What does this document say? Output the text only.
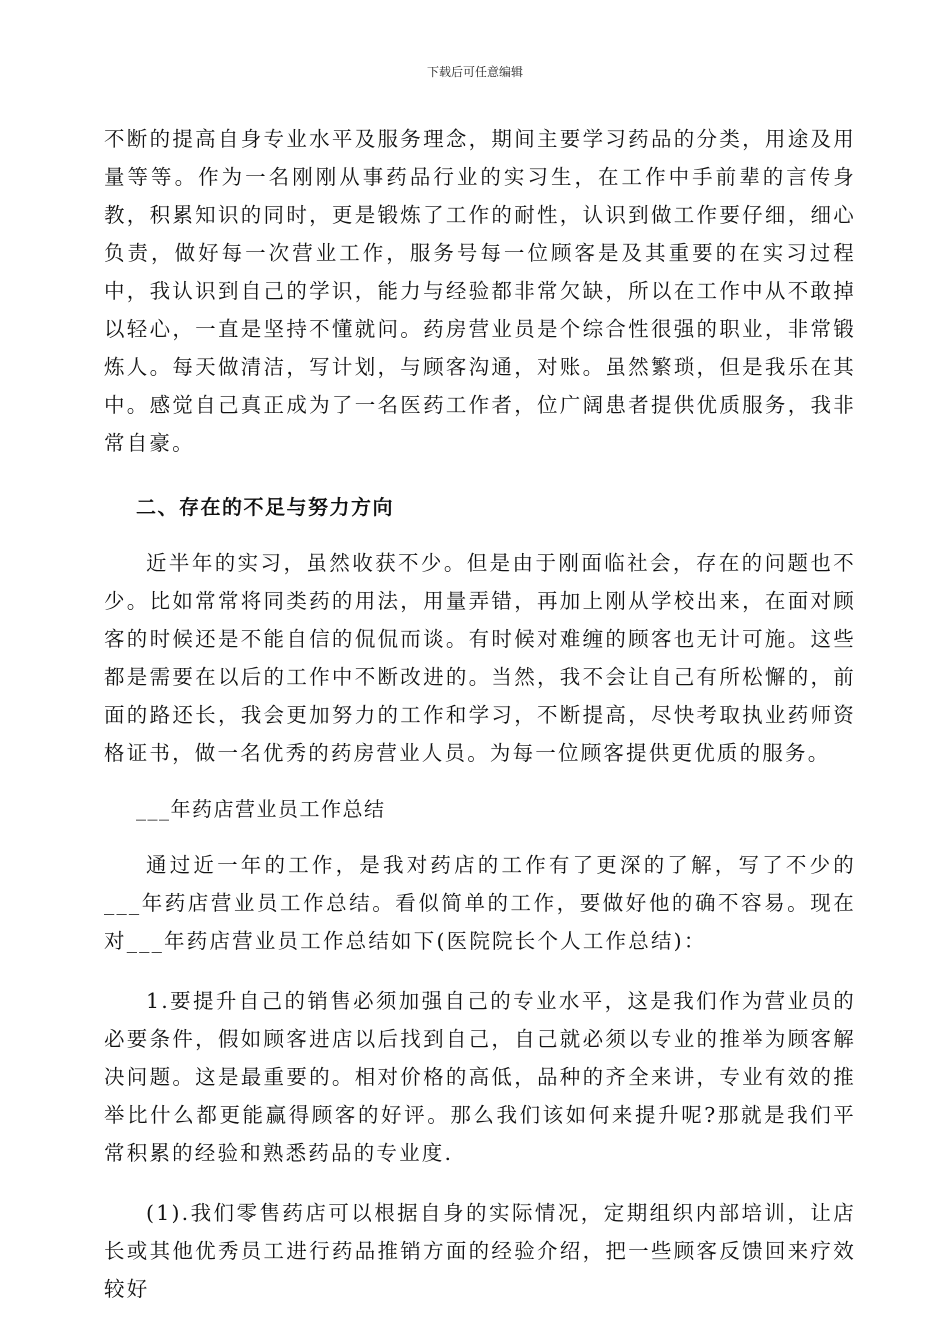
下载后可任意编辑

不断的提高自身专业水平及服务理念，期间主要学习药品的分类，用途及用量等等。作为一名刚刚从事药品行业的实习生，在工作中手前辈的言传身教，积累知识的同时，更是锻炼了工作的耐性，认识到做工作要仔细，细心负责，做好每一次营业工作，服务号每一位顾客是及其重要的在实习过程中，我认识到自己的学识，能力与经验都非常欠缺，所以在工作中从不敢掉以轻心，一直是坚持不懂就问。药房营业员是个综合性很强的职业，非常锻炼人。每天做清洁，写计划，与顾客沟通，对账。虽然繁琐，但是我乐在其中。感觉自己真正成为了一名医药工作者，位广阔患者提供优质服务，我非常自豪。

二、存在的不足与努力方向

近半年的实习，虽然收获不少。但是由于刚面临社会，存在的问题也不少。比如常常将同类药的用法，用量弄错，再加上刚从学校出来，在面对顾客的时候还是不能自信的侃侃而谈。有时候对难缠的顾客也无计可施。这些都是需要在以后的工作中不断改进的。当然，我不会让自己有所松懈的，前面的路还长，我会更加努力的工作和学习，不断提高，尽快考取执业药师资格证书，做一名优秀的药房营业人员。为每一位顾客提供更优质的服务。

___年药店营业员工作总结

通过近一年的工作，是我对药店的工作有了更深的了解，写了不少的___年药店营业员工作总结。看似简单的工作，要做好他的确不容易。现在对___年药店营业员工作总结如下(医院院长个人工作总结)：

1.要提升自己的销售必须加强自己的专业水平，这是我们作为营业员的必要条件，假如顾客进店以后找到自己，自己就必须以专业的推举为顾客解决问题。这是最重要的。相对价格的高低，品种的齐全来讲，专业有效的推举比什么都更能赢得顾客的好评。那么我们该如何来提升呢?那就是我们平常积累的经验和熟悉药品的专业度.

(1).我们零售药店可以根据自身的实际情况，定期组织内部培训，让店长或其他优秀员工进行药品推销方面的经验介绍，把一些顾客反馈回来疗效较好
